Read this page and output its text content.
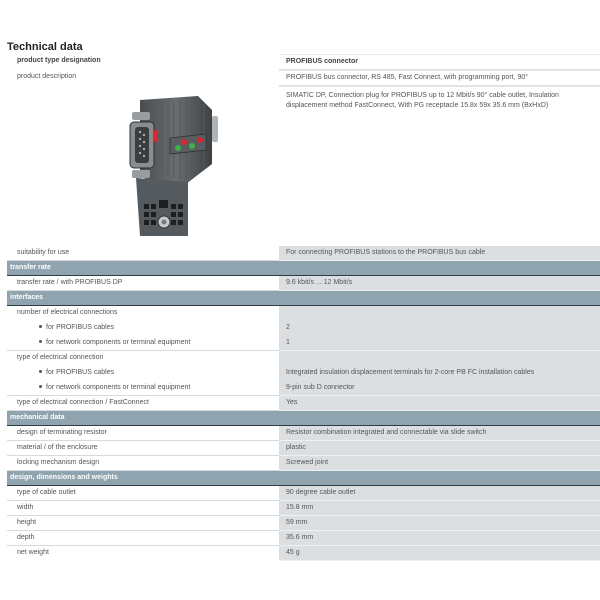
Technical data
product type designation	PROFIBUS connector
product description	PROFIBUS bus connector, RS 485, Fast Connect, with programming port, 90°
SIMATIC DP, Connection plug for PROFIBUS up to 12 Mbit/s 90° cable outlet, Insulation displacement method FastConnect, With PG receptacle 15.8x 59x 35.6 mm (BxHxD)
suitability for use	For connecting PROFIBUS stations to the PROFIBUS bus cable
transfer rate
transfer rate / with PROFIBUS DP	9.6 kbit/s ... 12 Mbit/s
interfaces
number of electrical connections
for PROFIBUS cables	2
for network components or terminal equipment	1
type of electrical connection
for PROFIBUS cables	Integrated insulation displacement terminals for 2-core PB FC installation cables
for network components or terminal equipment	9-pin sub D connector
type of electrical connection / FastConnect	Yes
mechanical data
design of terminating resistor	Resistor combination integrated and connectable via slide switch
material / of the enclosure	plastic
locking mechanism design	Screwed joint
design, dimensions and weights
type of cable outlet	90 degree cable outlet
width	15.8 mm
height	59 mm
depth	35.6 mm
net weight	45 g
